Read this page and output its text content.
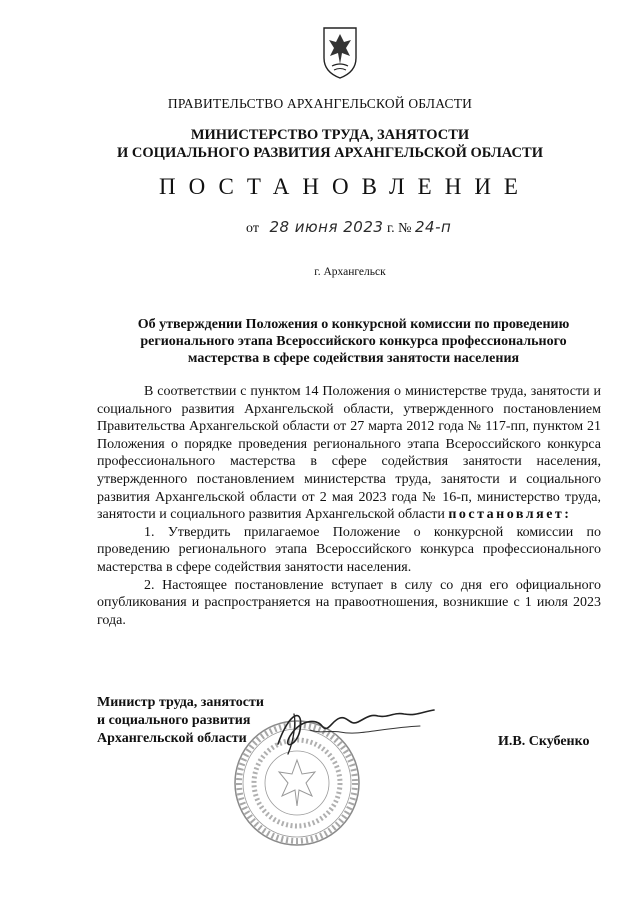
ПРАВИТЕЛЬСТВО АРХАНГЕЛЬСКОЙ ОБЛАСТИ
МИНИСТЕРСТВО ТРУДА, ЗАНЯТОСТИ
И СОЦИАЛЬНОГО РАЗВИТИЯ АРХАНГЕЛЬСКОЙ ОБЛАСТИ
ПОСТАНОВЛЕНИЕ
от 28 июня 2023 г. № 24-п
г. Архангельск
Об утверждении Положения о конкурсной комиссии по проведению
регионального этапа Всероссийского конкурса профессионального
мастерства в сфере содействия занятости населения

В соответствии с пунктом 14 Положения о министерстве труда, занятости и социального развития Архангельской области, утвержденного постановлением Правительства Архангельской области от 27 марта 2012 года № 117-пп, пунктом 21 Положения о порядке проведения регионального этапа Всероссийского конкурса профессионального мастерства в сфере содействия занятости населения, утвержденного постановлением министерства труда, занятости и социального развития Архангельской области от 2 мая 2023 года № 16-п, министерство труда, занятости и социального развития Архангельской области постановляет:

1. Утвердить прилагаемое Положение о конкурсной комиссии по проведению регионального этапа Всероссийского конкурса профессионального мастерства в сфере содействия занятости населения.

2. Настоящее постановление вступает в силу со дня его официального опубликования и распространяется на правоотношения, возникшие с 1 июля 2023 года.

Министр труда, занятости
и социального развития
Архангельской области	И.В. Скубенко
